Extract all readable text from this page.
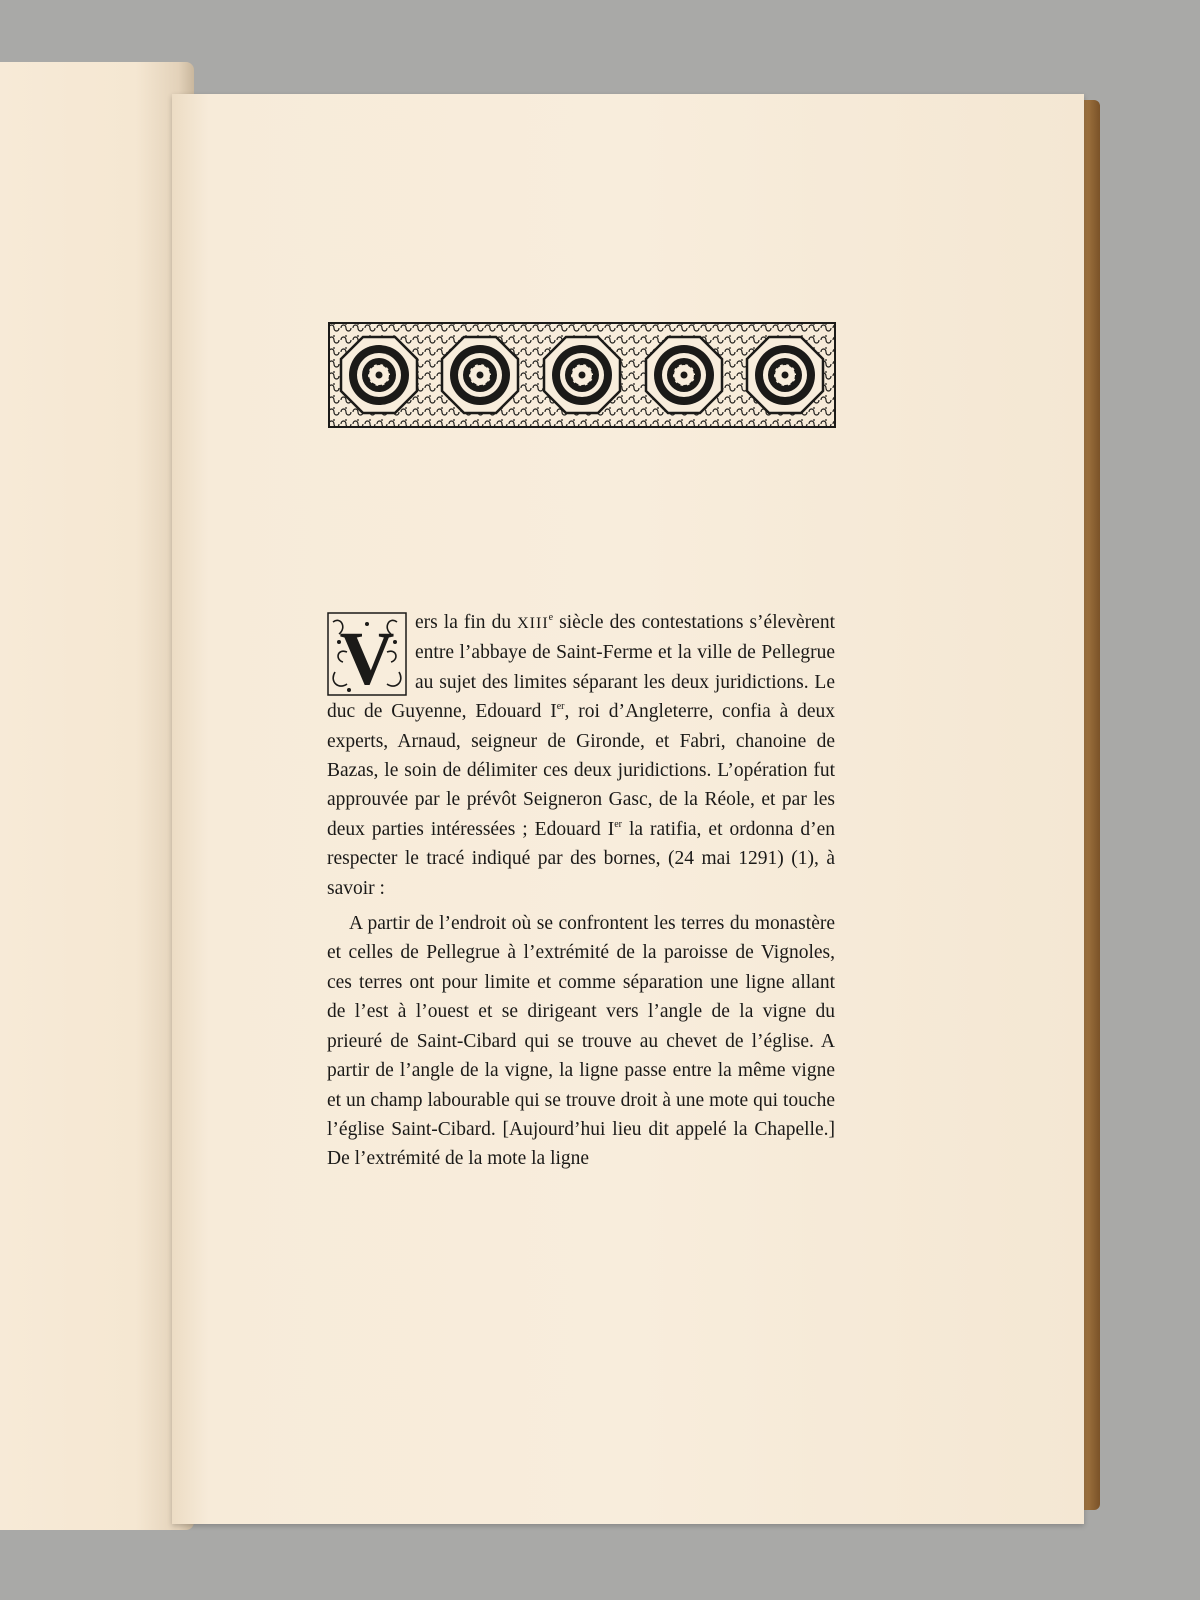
V ers la fin du XIIIe siècle des contestations s’élevèrent entre l’abbaye de Saint-Ferme et la ville de Pellegrue au sujet des limites séparant les deux juridictions. Le duc de Guyenne, Edouard Ier, roi d’Angleterre, confia à deux experts, Arnaud, seigneur de Gironde, et Fabri, chanoine de Bazas, le soin de délimiter ces deux juridictions. L’opération fut approuvée par le prévôt Seigneron Gasc, de la Réole, et par les deux parties intéressées ; Edouard Ier la ratifia, et ordonna d’en respecter le tracé indiqué par des bornes, (24 mai 1291) (1), à savoir :

A partir de l’endroit où se confrontent les terres du monastère et celles de Pellegrue à l’extrémité de la paroisse de Vignoles, ces terres ont pour limite et comme séparation une ligne allant de l’est à l’ouest et se dirigeant vers l’angle de la vigne du prieuré de Saint-Cibard qui se trouve au chevet de l’église. A partir de l’angle de la vigne, la ligne passe entre la même vigne et un champ labourable qui se trouve droit à une mote qui touche l’église Saint-Cibard. [Aujourd’hui lieu dit appelé la Chapelle.] De l’extrémité de la mote la ligne
